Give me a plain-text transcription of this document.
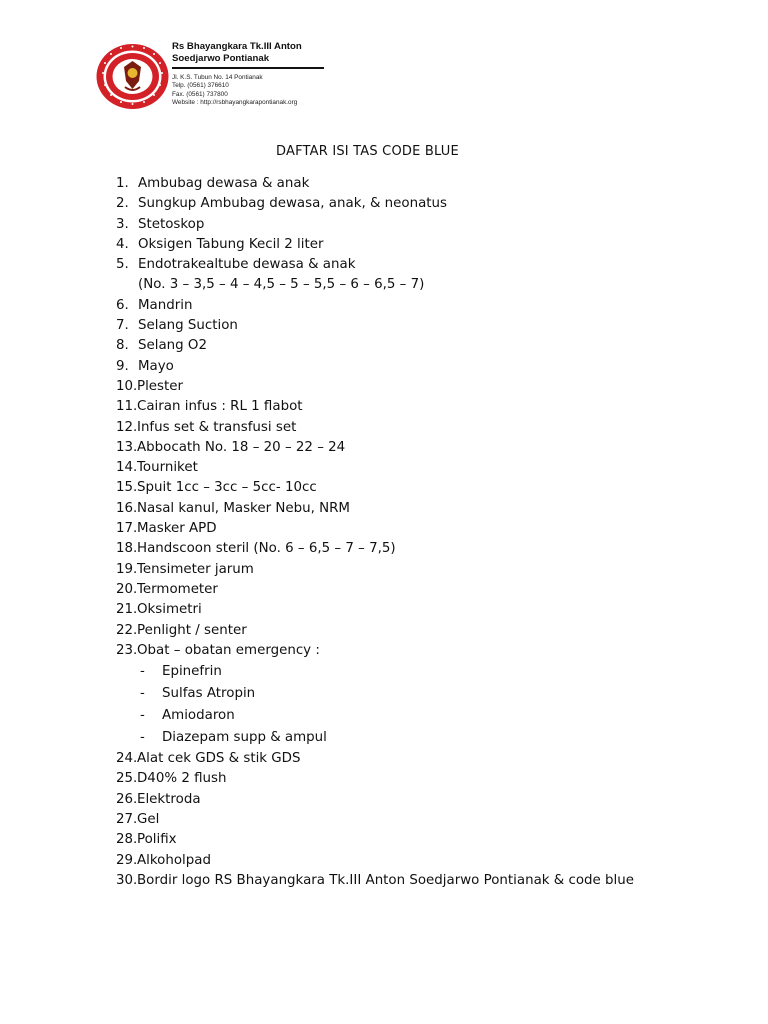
Rs Bhayangkara Tk.III Anton
Soedjarwo Pontianak
Jl. K.S. Tubun No. 14 Pontianak
Telp. (0561) 376610
Fax. (0561) 737800
Website : http://rsbhayangkarapontianak.org
DAFTAR ISI TAS CODE BLUE
1. Ambubag dewasa & anak
2. Sungkup Ambubag dewasa, anak, & neonatus
3. Stetoskop
4. Oksigen Tabung Kecil 2 liter
5. Endotrakealtube dewasa & anak
(No. 3 – 3,5 – 4 – 4,5 – 5 – 5,5 – 6 – 6,5 – 7)
6. Mandrin
7. Selang Suction
8. Selang O2
9. Mayo
10. Plester
11. Cairan infus : RL 1 flabot
12. Infus set & transfusi set
13. Abbocath No. 18 – 20 – 22 – 24
14. Tourniket
15. Spuit 1cc – 3cc – 5cc- 10cc
16. Nasal kanul, Masker Nebu, NRM
17. Masker APD
18. Handscoon steril (No. 6 – 6,5 – 7 – 7,5)
19. Tensimeter jarum
20. Termometer
21. Oksimetri
22. Penlight / senter
23. Obat – obatan emergency :
- Epinefrin
- Sulfas Atropin
- Amiodaron
- Diazepam supp & ampul
24. Alat cek GDS & stik GDS
25. D40% 2 flush
26. Elektroda
27. Gel
28. Polifix
29. Alkoholpad
30. Bordir logo RS Bhayangkara Tk.III Anton Soedjarwo Pontianak & code blue
